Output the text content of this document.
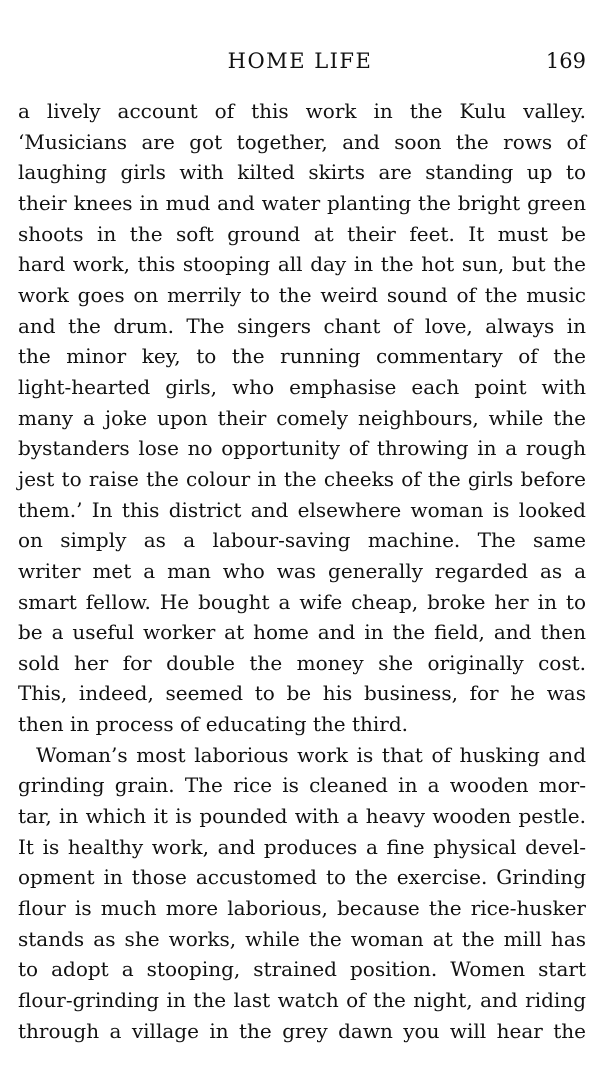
HOME LIFE	169
a lively account of this work in the Kulu valley.
‘Musicians are got together, and soon the rows of
laughing girls with kilted skirts are standing up to
their knees in mud and water planting the bright green
shoots in the soft ground at their feet. It must be
hard work, this stooping all day in the hot sun, but the
work goes on merrily to the weird sound of the music
and the drum. The singers chant of love, always in
the minor key, to the running commentary of the
light-hearted girls, who emphasise each point with
many a joke upon their comely neighbours, while the
bystanders lose no opportunity of throwing in a rough
jest to raise the colour in the cheeks of the girls before
them.’ In this district and elsewhere woman is looked
on simply as a labour-saving machine. The same
writer met a man who was generally regarded as a
smart fellow. He bought a wife cheap, broke her in to
be a useful worker at home and in the field, and then
sold her for double the money she originally cost.
This, indeed, seemed to be his business, for he was
then in process of educating the third.
Woman’s most laborious work is that of husking and
grinding grain. The rice is cleaned in a wooden mor-
tar, in which it is pounded with a heavy wooden pestle.
It is healthy work, and produces a fine physical devel-
opment in those accustomed to the exercise. Grinding
flour is much more laborious, because the rice-husker
stands as she works, while the woman at the mill has
to adopt a stooping, strained position. Women start
flour-grinding in the last watch of the night, and riding
through a village in the grey dawn you will hear the
